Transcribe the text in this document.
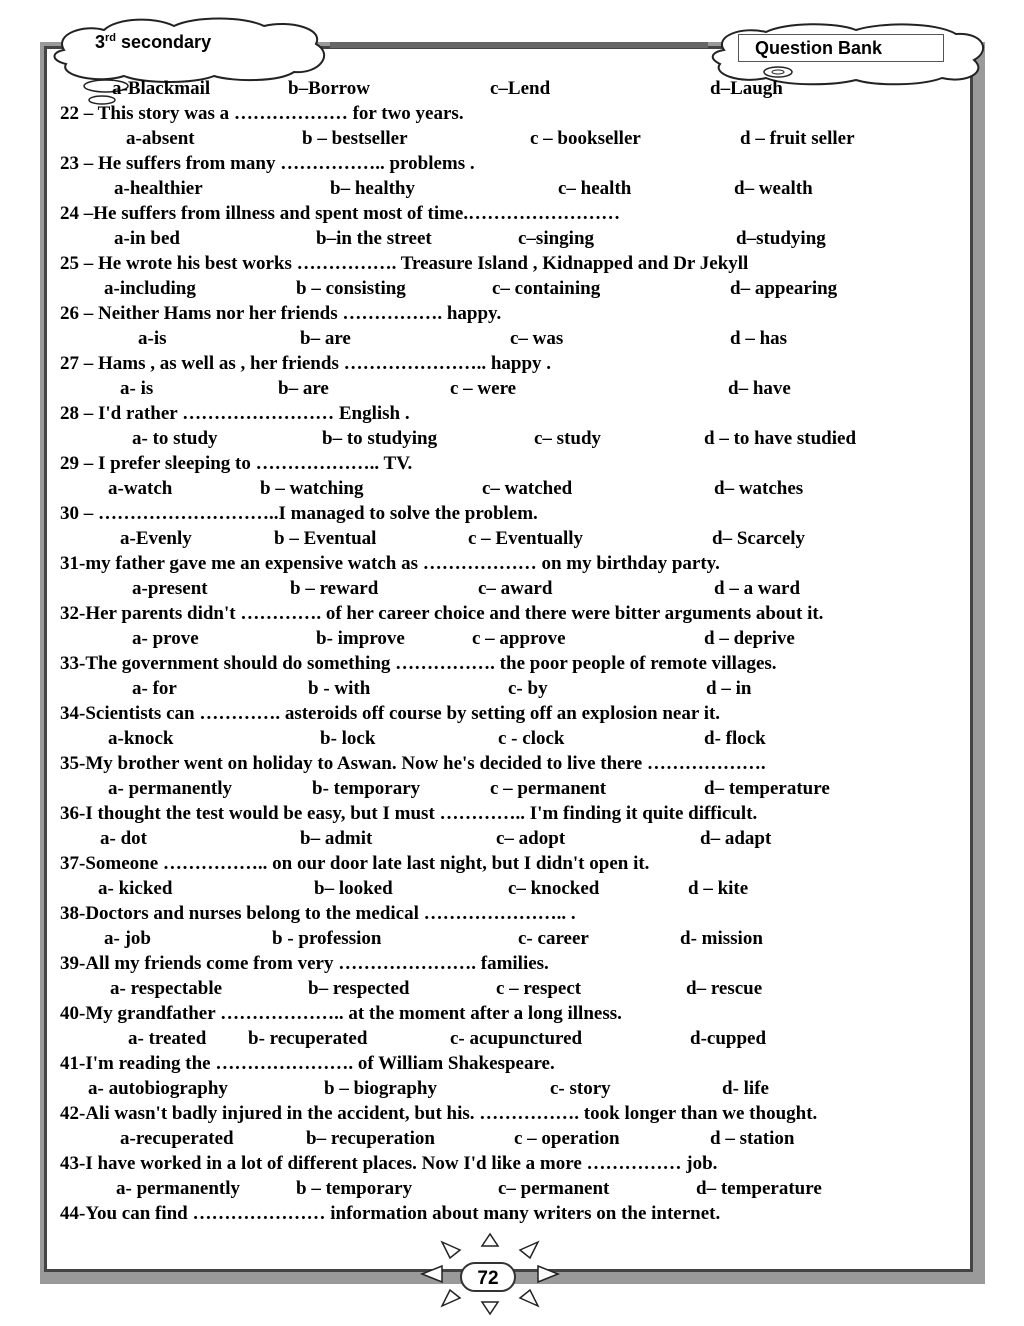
3rd secondary	Question Bank
a-Blackmail	b–Borrow	c–Lend	d–Laugh
22 – This story was a ……………… for two years.
a-absent	b – bestseller	c – bookseller	d – fruit seller
23 – He suffers from many …………….. problems .
a-healthier	b– healthy	c– health	d– wealth
24 –He suffers from illness and spent most of time.……………………
a-in bed	b–in the street	c–singing	d–studying
25 – He wrote his best works ……………. Treasure Island , Kidnapped and Dr Jekyll
a-including	b – consisting	c– containing	d– appearing
26 – Neither Hams nor her friends ……………. happy.
a-is	b– are	c– was	d – has
27 – Hams , as well as , her friends ………………….. happy .
a- is	b– are	c – were	d– have
28 – I'd rather …………………… English .
a- to study	b– to studying	c– study	d – to have studied
29 – I prefer sleeping to ……………….. TV.
a-watch	b – watching	c– watched	d– watches
30 – ………………………..I managed to solve the problem.
a-Evenly	b – Eventual	c – Eventually	d– Scarcely
31-my father gave me an expensive watch as ……………… on my birthday party.
a-present	b – reward	c– award	d – a ward
32-Her parents didn't …………. of her career choice and there were bitter arguments about it.
a- prove	b- improve	c – approve	d – deprive
33-The government should do something ……………. the poor people of remote villages.
a- for	b - with	c- by	d – in
34-Scientists can …………. asteroids off course by setting off an explosion near it.
a-knock	b- lock	c - clock	d- flock
35-My brother went on holiday to Aswan. Now he's decided to live there ……………….
a- permanently	b- temporary	c – permanent	d– temperature
36-I thought the test would be easy, but I must ………….. I'm finding it quite difficult.
a- dot	b– admit	c– adopt	d– adapt
37-Someone …………….. on our door late last night, but I didn't open it.
a- kicked	b– looked	c– knocked	d – kite
38-Doctors and nurses belong to the medical ………………….. .
a- job	b - profession	c- career	d- mission
39-All my friends come from very …………………. families.
a- respectable	b– respected	c – respect	d– rescue
40-My grandfather ……………….. at the moment after a long illness.
a- treated b- recuperated	c- acupunctured	d-cupped
41-I'm reading the …………………. of William Shakespeare.
a- autobiography	b – biography	c- story	d- life
42-Ali wasn't badly injured in the accident, but his. ……………. took longer than we thought.
a-recuperated	b– recuperation	c – operation	d – station
43-I have worked in a lot of different places. Now I'd like a more …………… job.
a- permanently	b – temporary	c– permanent	d– temperature
44-You can find ………………… information about many writers on the internet.
72
